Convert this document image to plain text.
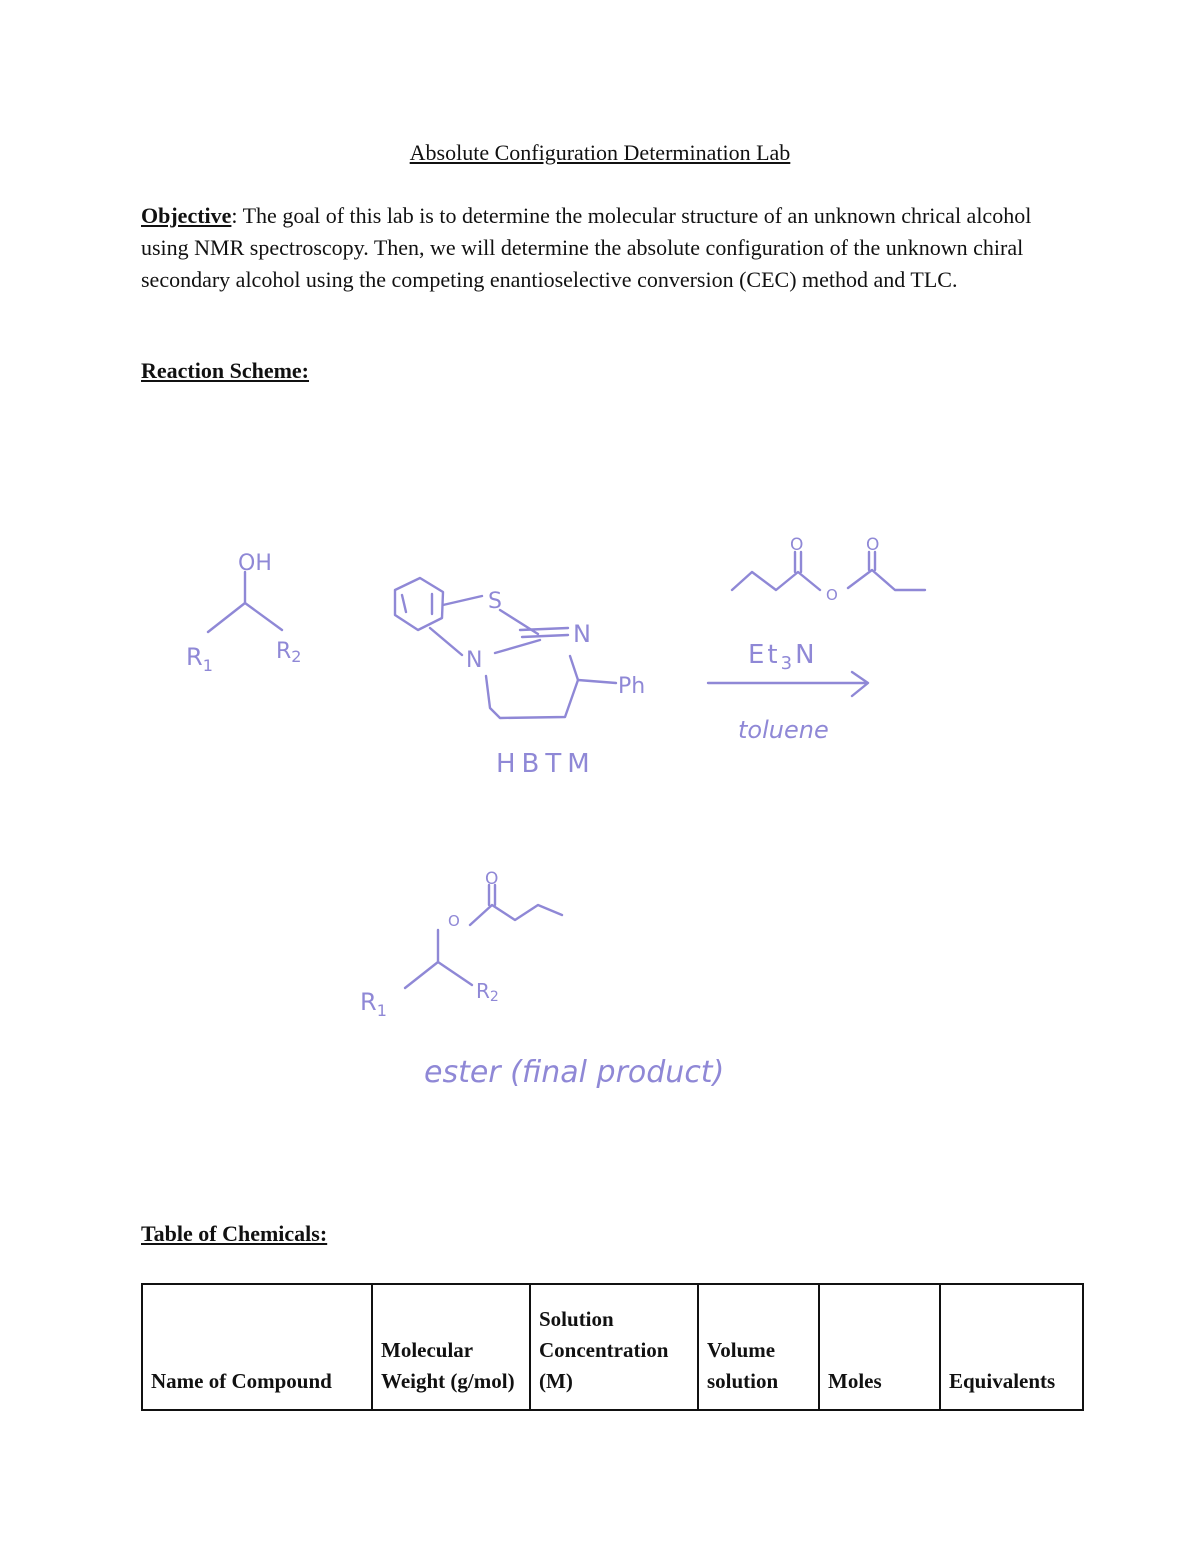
Absolute Configuration Determination Lab
Objective: The goal of this lab is to determine the molecular structure of an unknown chrical alcohol using NMR spectroscopy. Then, we will determine the absolute configuration of the unknown chiral secondary alcohol using the competing enantioselective conversion (CEC) method and TLC.
Reaction Scheme:
OH
$R_1$
R2
S
N
N
Ph
HBTM
O
O
O
$Et_3N$
toluene
O
O
$R_1$
R2
ester (final product)
Table of Chemicals:
Name of Compound	Molecular Weight (g/mol)	Solution Concentration (M)	Volume solution	Moles	Equivalents
